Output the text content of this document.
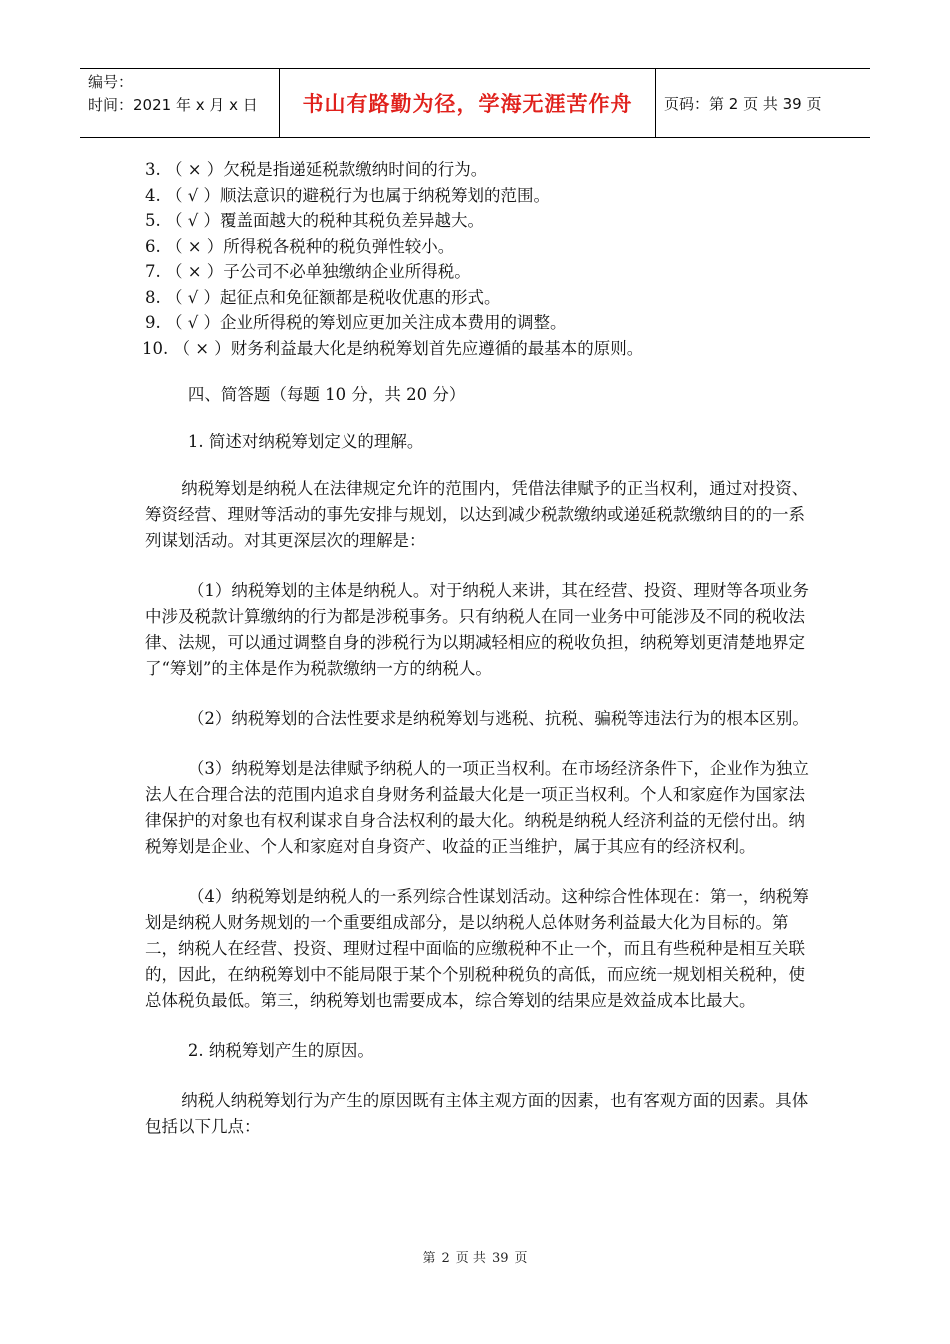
编号：
时间：2021 年 x 月 x 日	书山有路勤为径，学海无涯苦作舟	页码：第 2 页 共 39 页
3. （ × ）欠税是指递延税款缴纳时间的行为。
4. （ √ ）顺法意识的避税行为也属于纳税筹划的范围。
5. （ √ ）覆盖面越大的税种其税负差异越大。
6. （ × ）所得税各税种的税负弹性较小。
7. （ × ）子公司不必单独缴纳企业所得税。
8. （ √ ）起征点和免征额都是税收优惠的形式。
9. （ √ ）企业所得税的筹划应更加关注成本费用的调整。
10. （ × ）财务利益最大化是纳税筹划首先应遵循的最基本的原则。

四、简答题（每题 10 分，共 20 分）

1. 简述对纳税筹划定义的理解。

纳税筹划是纳税人在法律规定允许的范围内，凭借法律赋予的正当权利，通过对投资、筹资经营、理财等活动的事先安排与规划，以达到减少税款缴纳或递延税款缴纳目的的一系列谋划活动。对其更深层次的理解是：

（1）纳税筹划的主体是纳税人。对于纳税人来讲，其在经营、投资、理财等各项业务中涉及税款计算缴纳的行为都是涉税事务。只有纳税人在同一业务中可能涉及不同的税收法律、法规，可以通过调整自身的涉税行为以期减轻相应的税收负担，纳税筹划更清楚地界定了“筹划”的主体是作为税款缴纳一方的纳税人。

（2）纳税筹划的合法性要求是纳税筹划与逃税、抗税、骗税等违法行为的根本区别。

（3）纳税筹划是法律赋予纳税人的一项正当权利。在市场经济条件下，企业作为独立法人在合理合法的范围内追求自身财务利益最大化是一项正当权利。个人和家庭作为国家法律保护的对象也有权利谋求自身合法权利的最大化。纳税是纳税人经济利益的无偿付出。纳税筹划是企业、个人和家庭对自身资产、收益的正当维护，属于其应有的经济权利。

（4）纳税筹划是纳税人的一系列综合性谋划活动。这种综合性体现在：第一，纳税筹划是纳税人财务规划的一个重要组成部分，是以纳税人总体财务利益最大化为目标的。第二，纳税人在经营、投资、理财过程中面临的应缴税种不止一个，而且有些税种是相互关联的，因此，在纳税筹划中不能局限于某个个别税种税负的高低，而应统一规划相关税种，使总体税负最低。第三，纳税筹划也需要成本，综合筹划的结果应是效益成本比最大。

2. 纳税筹划产生的原因。

纳税人纳税筹划行为产生的原因既有主体主观方面的因素，也有客观方面的因素。具体包括以下几点：

第 2 页 共 39 页
